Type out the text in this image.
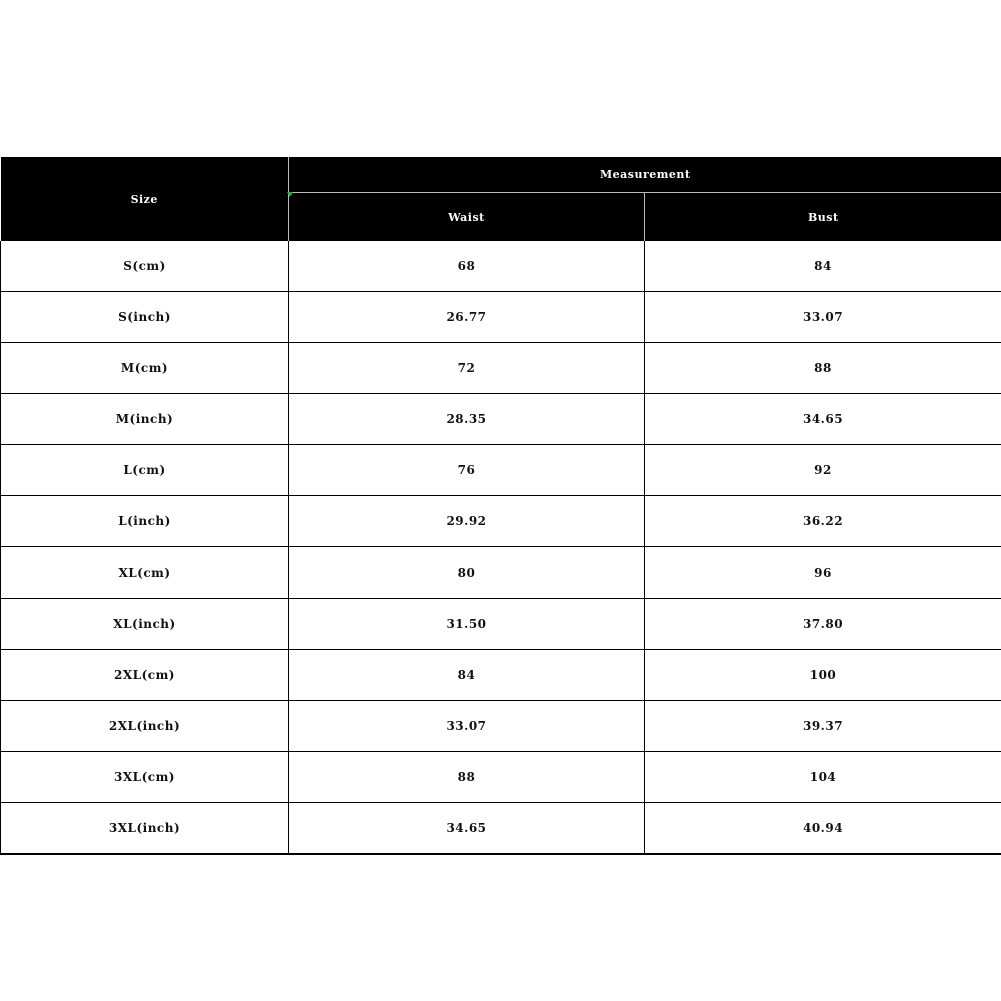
Size	Measurement	
	Waist	Bust
S(cm)	68	84
S(inch)	26.77	33.07
M(cm)	72	88
M(inch)	28.35	34.65
L(cm)	76	92
L(inch)	29.92	36.22
XL(cm)	80	96
XL(inch)	31.50	37.80
2XL(cm)	84	100
2XL(inch)	33.07	39.37
3XL(cm)	88	104
3XL(inch)	34.65	40.94
